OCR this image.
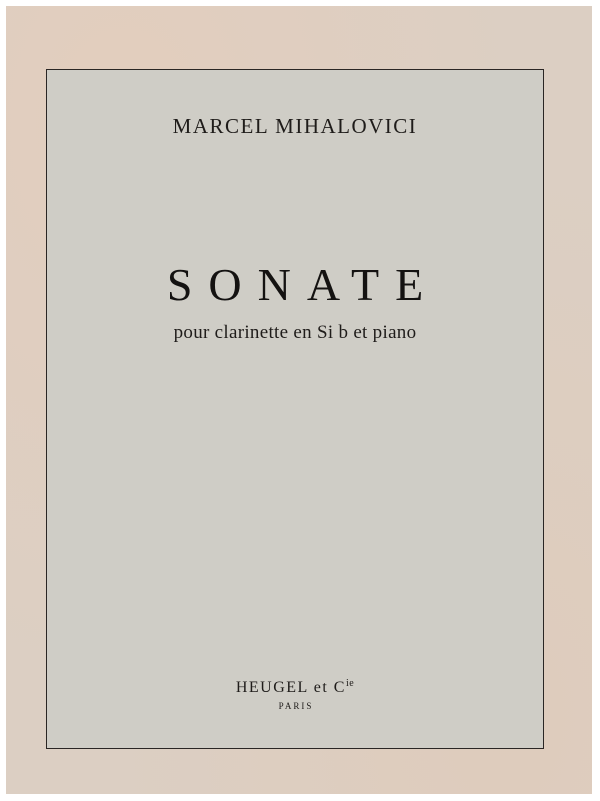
MARCEL MIHALOVICI
SONATE
pour clarinette en Si b et piano
HEUGEL et $C^{ie}$
PARIS
